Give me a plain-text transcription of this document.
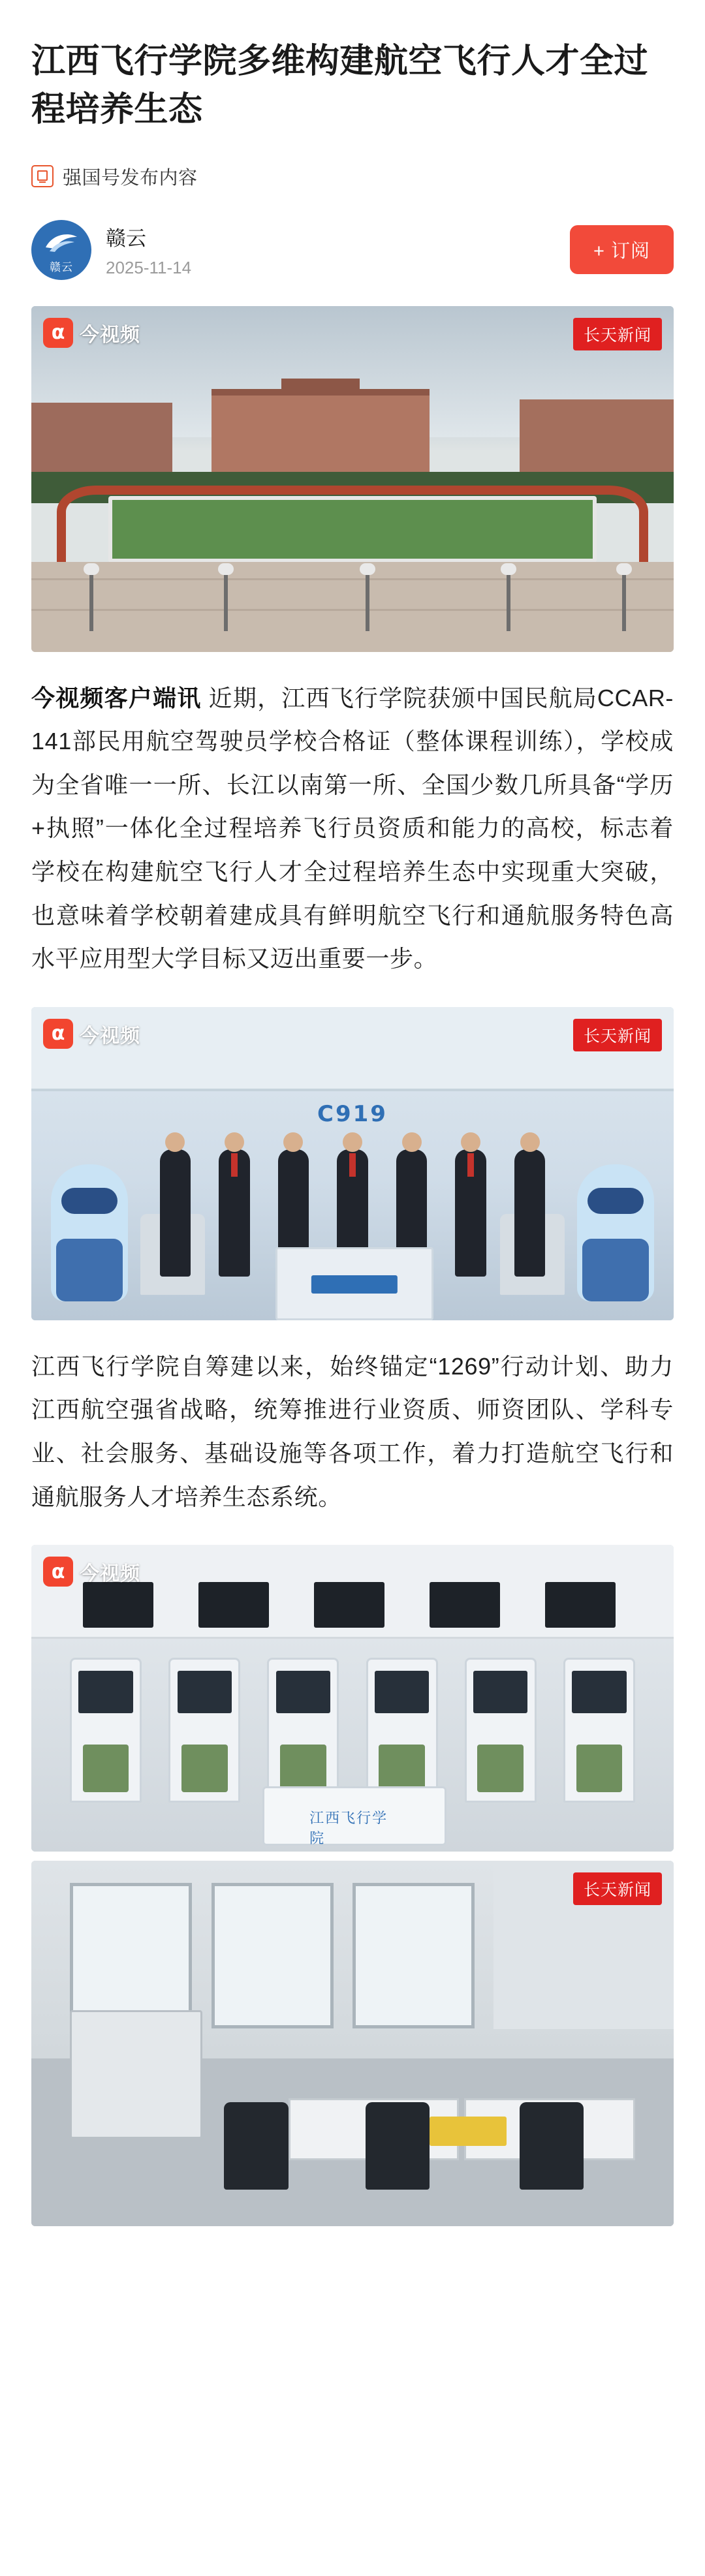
江西飞行学院多维构建航空飞行人才全过程培养生态
强国号发布内容
赣云
赣云
2025-11-14
+ 订阅
α 今视频	长天新闻

今视频客户端讯 近期，江西飞行学院获颁中国民航局CCAR-141部民用航空驾驶员学校合格证（整体课程训练），学校成为全省唯一一所、长江以南第一所、全国少数几所具备“学历+执照”一体化全过程培养飞行员资质和能力的高校，标志着学校在构建航空飞行人才全过程培养生态中实现重大突破，也意味着学校朝着建成具有鲜明航空飞行和通航服务特色高水平应用型大学目标又迈出重要一步。

C919
α 今视频	长天新闻

江西飞行学院自筹建以来，始终锚定“1269”行动计划、助力江西航空强省战略，统筹推进行业资质、师资团队、学科专业、社会服务、基础设施等各项工作，着力打造航空飞行和通航服务人才培养生态系统。

江西飞行学院
α 今视频
长天新闻
